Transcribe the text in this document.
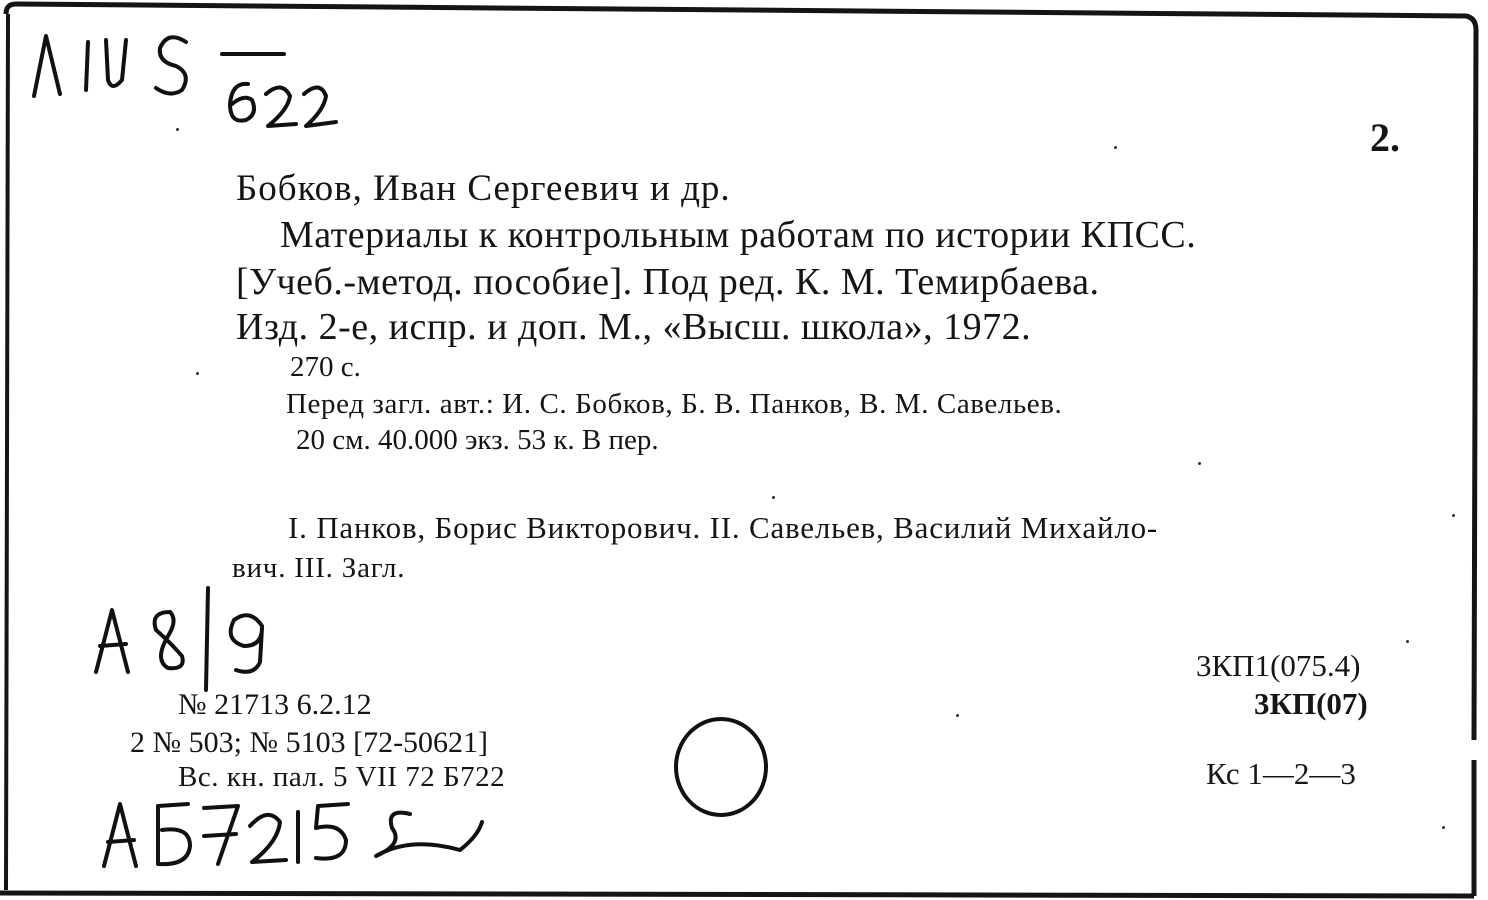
2.
Бобков, Иван Сергеевич и др.
Материалы к контрольным работам по истории КПСС.
[Учеб.-метод. пособие]. Под ред. К. М. Темирбаева.
Изд. 2-е, испр. и доп. М., «Высш. школа», 1972.
270 с.
Перед загл. авт.: И. С. Бобков, Б. В. Панков, В. М. Савельев.
20 см. 40.000 экз. 53 к. В пер.
I. Панков, Борис Викторович. II. Савельев, Василий Михайло-
вич. III. Загл.
3КП1(075.4)
3КП(07)
Кс 1—2—3
№ 21713 6.2.12
2 № 503; № 5103 [72-50621]
Вс. кн. пал. 5 VII 72 Б722
